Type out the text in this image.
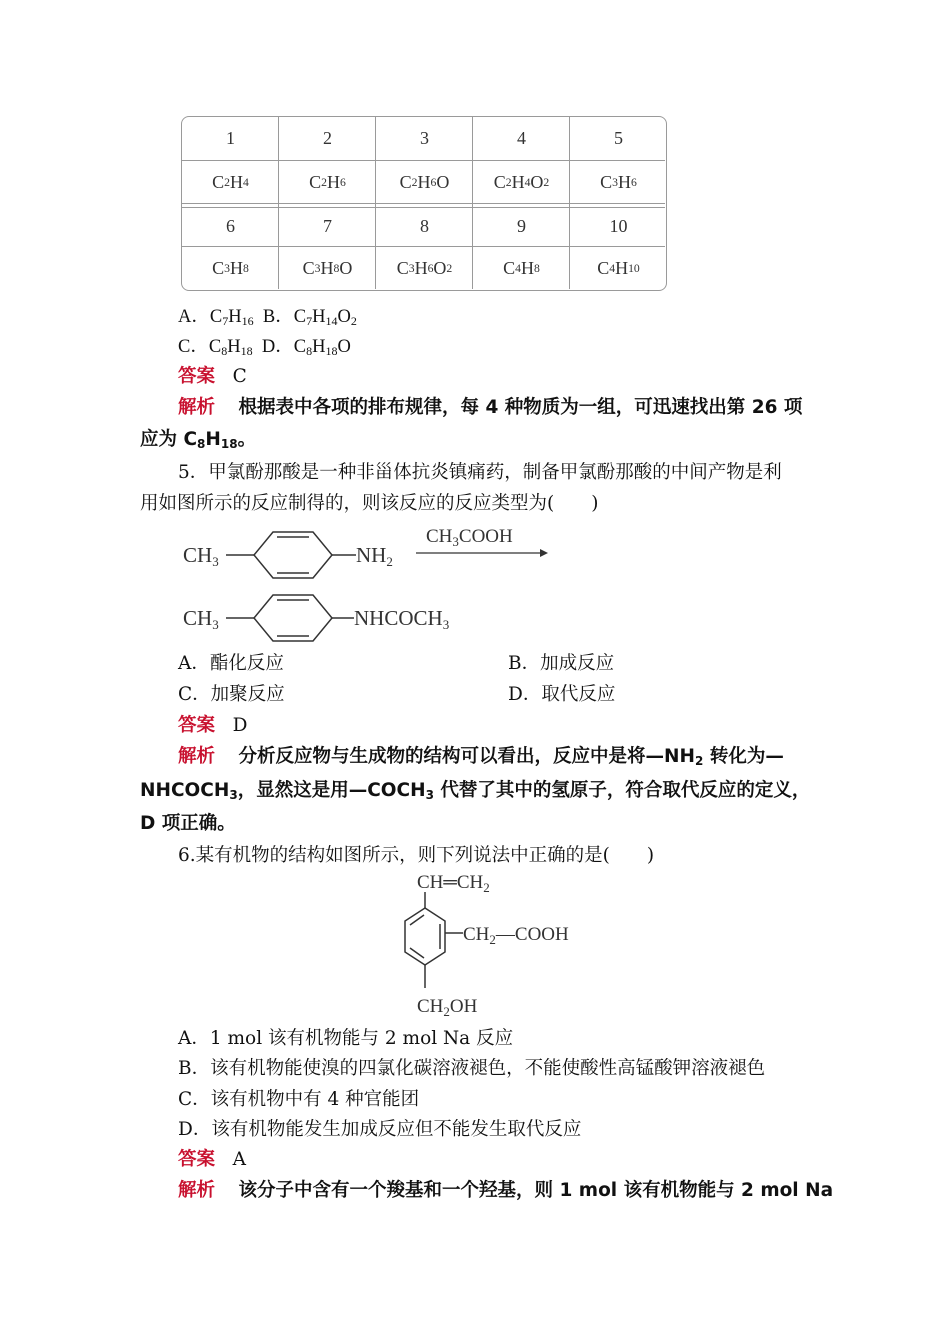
1	2	3	4	5
C 2 H 4	C 2 H 6	C 2 H 6 O	C 2 H 4 O 2	C 3 H 6
6	7	8	9	10
C 3 H 8	C 3 H 8 O	C 3 H 6 O 2	C 4 H 8	C 4 H 10
A．$C_7H_{16}$  B．$C_7H_{14}O_2$
C．$C_8H_{18}$  D．$C_8H_{18}O$
答案 C
解析 根据表中各项的排布规律，每 4 种物质为一组，可迅速找出第 26 项
应为 $C_8H_{18}$。
5．甲氯酚那酸是一种非甾体抗炎镇痛药，制备甲氯酚那酸的中间产物是利
用如图所示的反应制得的，则该反应的反应类型为(　　)
CH3	NH2
CH3COOH
CH3	NHCOCH3
A．酯化反应	B．加成反应
C．加聚反应	D．取代反应
答案 D
解析 分析反应物与生成物的结构可以看出，反应中是将$—NH_2$ 转化为—
$NHCOCH_3$，显然这是用$—COCH_3$ 代替了其中的氢原子，符合取代反应的定义，
D 项正确。
6.某有机物的结构如图所示，则下列说法中正确的是(　　)
CH═CH2
CH2—COOH
CH2OH
A．1 mol 该有机物能与 2 mol Na 反应
B．该有机物能使溴的四氯化碳溶液褪色，不能使酸性高锰酸钾溶液褪色
C．该有机物中有 4 种官能团
D．该有机物能发生加成反应但不能发生取代反应
答案 A
解析 该分子中含有一个羧基和一个羟基，则 1 mol 该有机物能与 2 mol Na
